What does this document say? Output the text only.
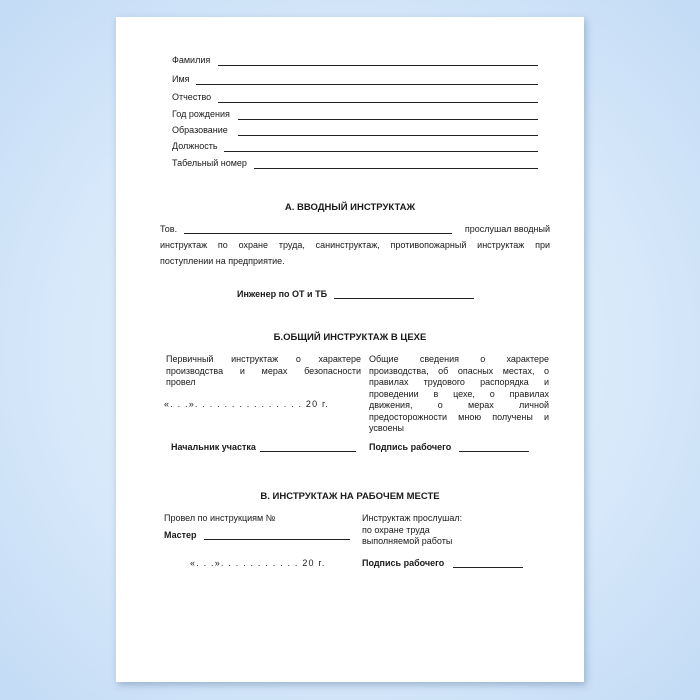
Фамилия
Имя
Отчество
Год рождения
Образование
Должность
Табельный номер
А. ВВОДНЫЙ ИНСТРУКТАЖ
Тов.	прослушал вводный
инструктаж по охране труда, санинструктаж, противопожарный инструктаж при
поступлении на предприятие.
Инженер по ОТ и ТБ
Б.ОБЩИЙ ИНСТРУКТАЖ В ЦЕХЕ
Первичный инструктаж о характере
производства и мерах безопасности
провел
«. . .». . . . . . . . . . . . . . . 20 г.
Общие сведения о характере
производства, об опасных местах, о
правилах трудового распорядка и
проведении в цехе, о правилах
движения, о мерах личной
предосторожности мною получены и
усвоены
Начальник участка	Подпись рабочего
В. ИНСТРУКТАЖ НА РАБОЧЕМ МЕСТЕ
Провел по инструкциям №
Мастер
«. . .». . . . . . . . . . . 20 г.
Инструктаж прослушал:
по охране труда
выполняемой работы
Подпись рабочего
